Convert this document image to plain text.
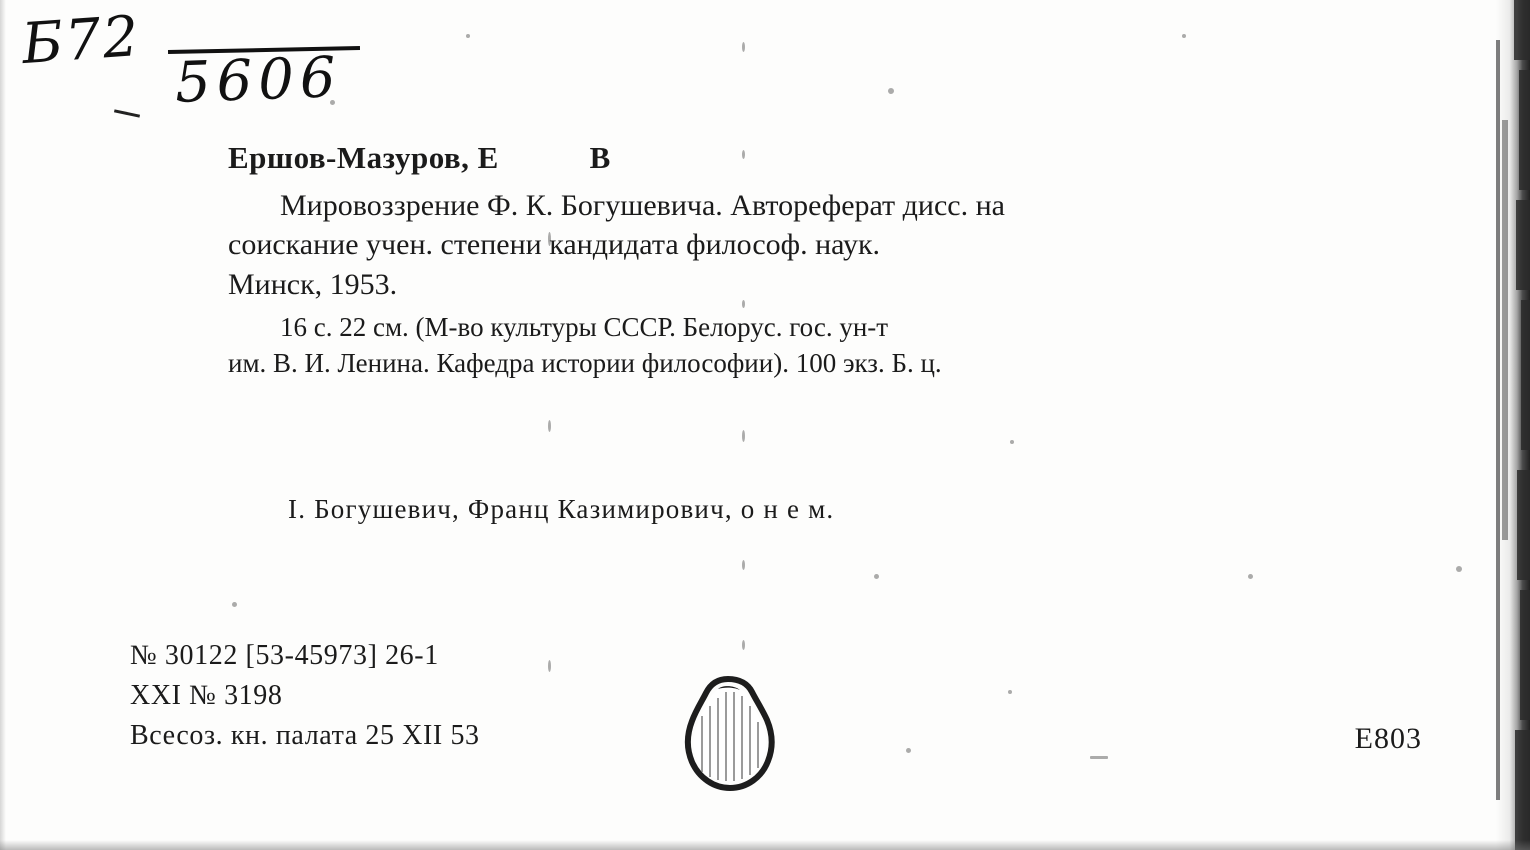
Б72
5606
Ершов-Мазуров, Е           В
Мировоззрение Ф. К. Богушевича. Автореферат дисс. на
соискание учен. степени кандидата философ. наук.
Минск, 1953.
16 с. 22 см. (М-во культуры СССР. Белорус. гос. ун-т
им. В. И. Ленина. Кафедра истории философии). 100 экз. Б. ц.
I. Богушевич, Франц Казимирович, о н е м.
№ 30122 [53-45973] 26-1
XXI № 3198
Всесоз. кн. палата 25 XII 53	Е803
